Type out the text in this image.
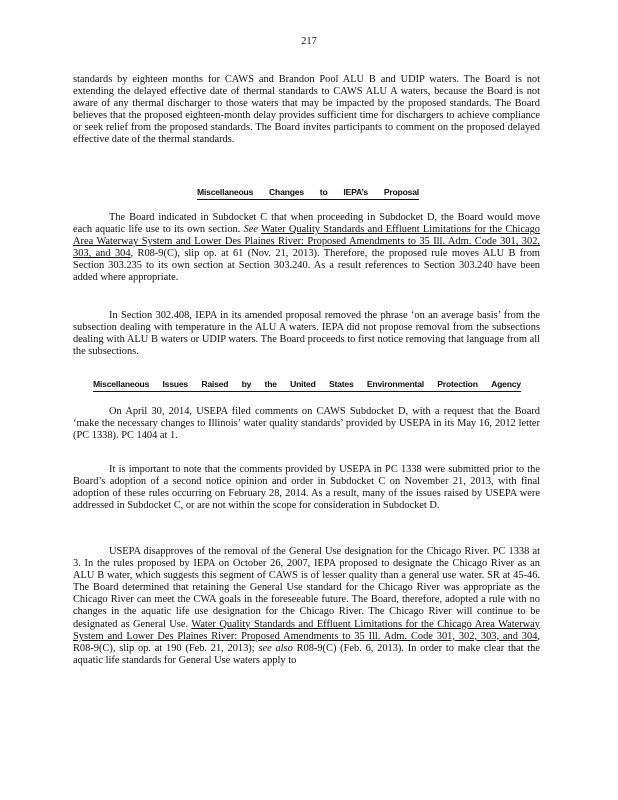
217

standards by eighteen months for CAWS and Brandon Pool ALU B and UDIP waters. The Board is not extending the delayed effective date of thermal standards to CAWS ALU A waters, because the Board is not aware of any thermal discharger to those waters that may be impacted by the proposed standards. The Board believes that the proposed eighteen-month delay provides sufficient time for dischargers to achieve compliance or seek relief from the proposed standards. The Board invites participants to comment on the proposed delayed effective date of the thermal standards.

Miscellaneous Changes to IEPA’s Proposal

The Board indicated in Subdocket C that when proceeding in Subdocket D, the Board would move each aquatic life use to its own section. See Water Quality Standards and Effluent Limitations for the Chicago Area Waterway System and Lower Des Plaines River: Proposed Amendments to 35 Ill. Adm. Code 301, 302, 303, and 304, R08-9(C), slip op. at 61 (Nov. 21, 2013). Therefore, the proposed rule moves ALU B from Section 303.235 to its own section at Section 303.240. As a result references to Section 303.240 have been added where appropriate.

In Section 302.408, IEPA in its amended proposal removed the phrase ‘on an average basis’ from the subsection dealing with temperature in the ALU A waters. IEPA did not propose removal from the subsections dealing with ALU B waters or UDIP waters. The Board proceeds to first notice removing that language from all the subsections.

Miscellaneous Issues Raised by the United States Environmental Protection Agency

On April 30, 2014, USEPA filed comments on CAWS Subdocket D, with a request that the Board ‘make the necessary changes to Illinois’ water quality standards’ provided by USEPA in its May 16, 2012 letter (PC 1338). PC 1404 at 1.

It is important to note that the comments provided by USEPA in PC 1338 were submitted prior to the Board’s adoption of a second notice opinion and order in Subdocket C on November 21, 2013, with final adoption of these rules occurring on February 28, 2014. As a result, many of the issues raised by USEPA were addressed in Subdocket C, or are not within the scope for consideration in Subdocket D.

USEPA disapproves of the removal of the General Use designation for the Chicago River. PC 1338 at 3. In the rules proposed by IEPA on October 26, 2007, IEPA proposed to designate the Chicago River as an ALU B water, which suggests this segment of CAWS is of lesser quality than a general use water. SR at 45-46. The Board determined that retaining the General Use standard for the Chicago River was appropriate as the Chicago River can meet the CWA goals in the foreseeable future. The Board, therefore, adopted a rule with no changes in the aquatic life use designation for the Chicago River. The Chicago River will continue to be designated as General Use. Water Quality Standards and Effluent Limitations for the Chicago Area Waterway System and Lower Des Plaines River: Proposed Amendments to 35 Ill. Adm. Code 301, 302, 303, and 304, R08-9(C), slip op. at 190 (Feb. 21, 2013); see also R08-9(C) (Feb. 6, 2013). In order to make clear that the aquatic life standards for General Use waters apply to
